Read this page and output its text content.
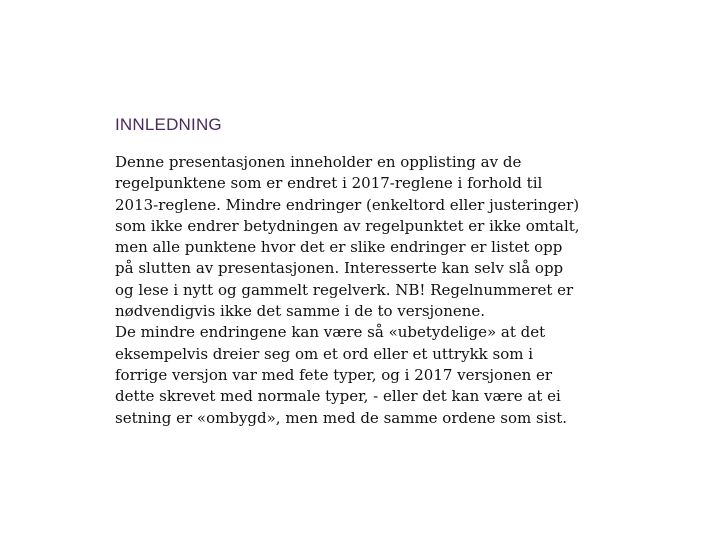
INNLEDNING

Denne presentasjonen inneholder en opplisting av de
regelpunktene som er endret i 2017-reglene i forhold til
2013-reglene. Mindre endringer (enkeltord eller justeringer)
som ikke endrer betydningen av regelpunktet er ikke omtalt,
men alle punktene hvor det er slike endringer er listet opp
på slutten av presentasjonen. Interesserte kan selv slå opp
og lese i nytt og gammelt regelverk. NB! Regelnummeret er
nødvendigvis ikke det samme i de to versjonene.

De mindre endringene kan være så «ubetydelige» at det
eksempelvis dreier seg om et ord eller et uttrykk som i
forrige versjon var med fete typer, og i 2017 versjonen er
dette skrevet med normale typer, - eller det kan være at ei
setning er «ombygd», men med de samme ordene som sist.
